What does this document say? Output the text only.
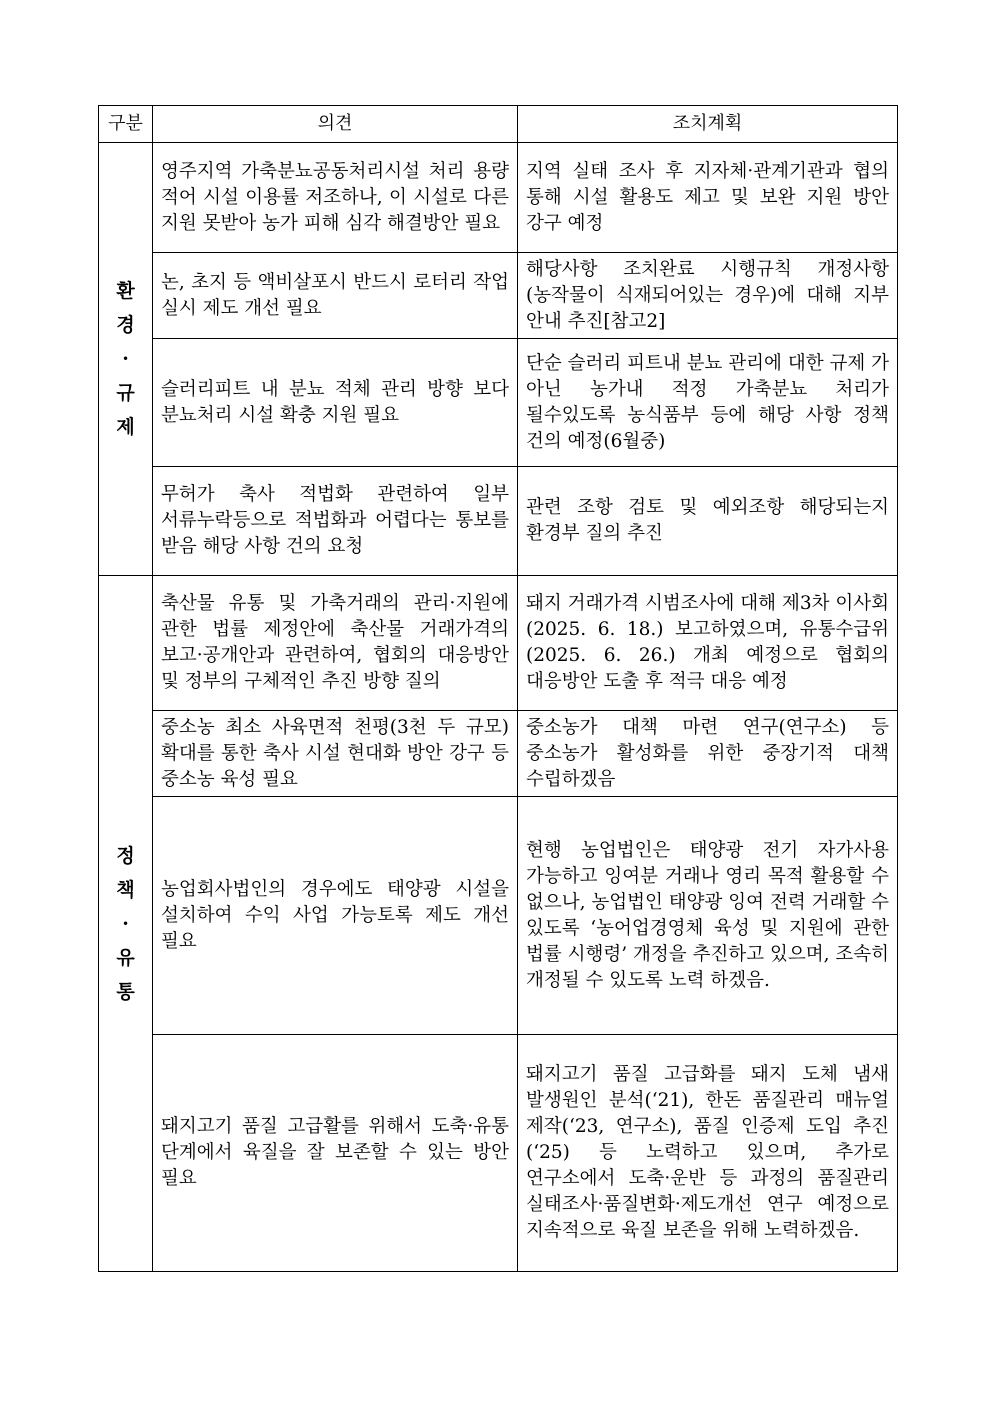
구분	의견	조치계획

환
경
·
규
제	영주지역 가축분뇨공동처리시설 처리 용량 적어 시설 이용률 저조하나, 이 시설로 다른 지원 못받아 농가 피해 심각 해결방안 필요	지역 실태 조사 후 지자체·관계기관과 협의 통해 시설 활용도 제고 및 보완 지원 방안 강구 예정
	논, 초지 등 액비살포시 반드시 로터리 작업 실시 제도 개선 필요	해당사항 조치완료 시행규칙 개정사항(농작물이 식재되어있는 경우)에 대해 지부 안내 추진[참고2]
	슬러리피트 내 분뇨 적체 관리 방향 보다 분뇨처리 시설 확충 지원 필요	단순 슬러리 피트내 분뇨 관리에 대한 규제 가 아닌 농가내 적정 가축분뇨 처리가 될수있도록 농식품부 등에 해당 사항 정책 건의 예정(6월중)
	무허가 축사 적법화 관련하여 일부 서류누락등으로 적법화과 어렵다는 통보를 받음 해당 사항 건의 요청	관련 조항 검토 및 예외조항 해당되는지 환경부 질의 추진

정
책
·
유
통	축산물 유통 및 가축거래의 관리·지원에 관한 법률 제정안에 축산물 거래가격의 보고·공개안과 관련하여, 협회의 대응방안 및 정부의 구체적인 추진 방향 질의	돼지 거래가격 시범조사에 대해 제3차 이사회(2025. 6. 18.) 보고하였으며, 유통수급위(2025. 6. 26.) 개최 예정으로 협회의 대응방안 도출 후 적극 대응 예정
	중소농 최소 사육면적 천평(3천 두 규모) 확대를 통한 축사 시설 현대화 방안 강구 등 중소농 육성 필요	중소농가 대책 마련 연구(연구소) 등 중소농가 활성화를 위한 중장기적 대책 수립하겠음
	농업회사법인의 경우에도 태양광 시설을 설치하여 수익 사업 가능토록 제도 개선 필요	현행 농업법인은 태양광 전기 자가사용 가능하고 잉여분 거래나 영리 목적 활용할 수 없으나, 농업법인 태양광 잉여 전력 거래할 수 있도록 ‘농어업경영체 육성 및 지원에 관한 법률 시행령’ 개정을 추진하고 있으며, 조속히 개정될 수 있도록 노력 하겠음.
	돼지고기 품질 고급활를 위해서 도축·유통 단계에서 육질을 잘 보존할 수 있는 방안 필요	돼지고기 품질 고급화를 돼지 도체 냄새 발생원인 분석(‘21), 한돈 품질관리 매뉴얼 제작(‘23, 연구소), 품질 인증제 도입 추진(‘25) 등 노력하고 있으며, 추가로 연구소에서 도축·운반 등 과정의 품질관리 실태조사·품질변화·제도개선 연구 예정으로 지속적으로 육질 보존을 위해 노력하겠음.
